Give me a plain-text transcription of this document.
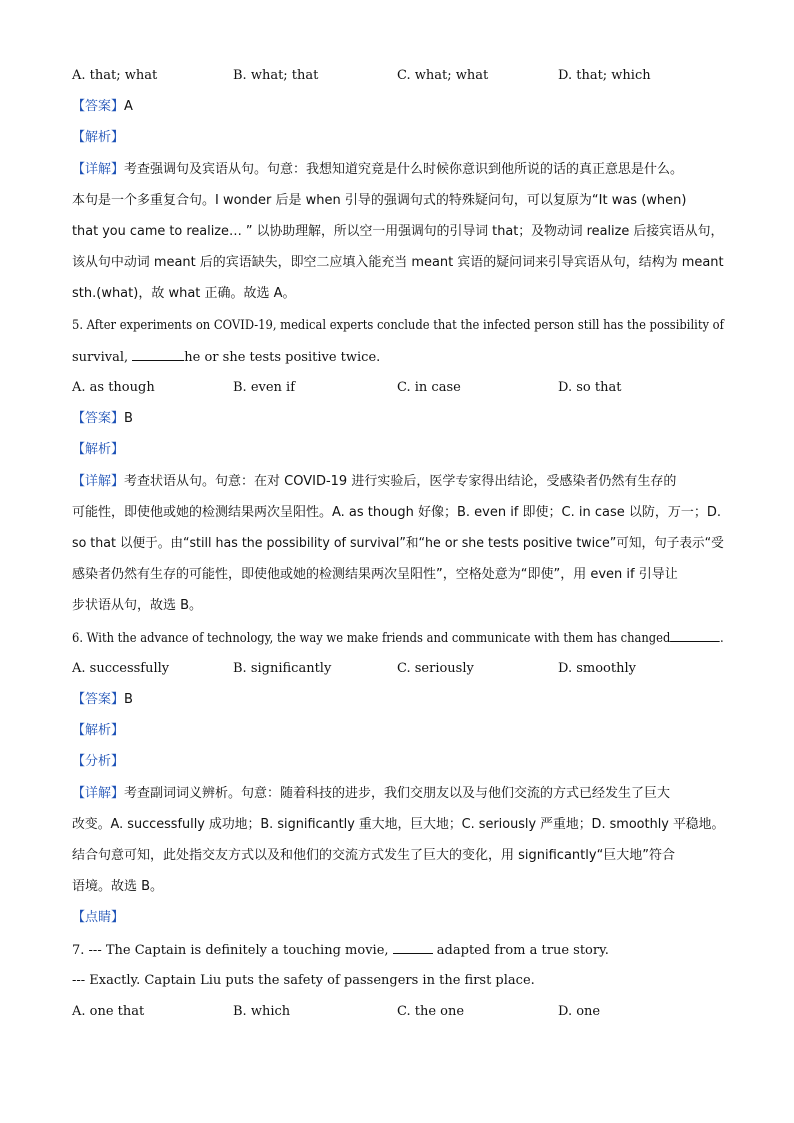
A. that; what	B. what; that	C. what; what	D. that; which
【答案】A
【解析】
【详解】考查强调句及宾语从句。句意：我想知道究竟是什么时候你意识到他所说的话的真正意思是什么。
本句是一个多重复合句。I wonder 后是 when 引导的强调句式的特殊疑问句，可以复原为“It was (when)
that you came to realize… ” 以协助理解，所以空一用强调句的引导词 that；及物动词 realize 后接宾语从句，
该从句中动词 meant 后的宾语缺失，即空二应填入能充当 meant 宾语的疑问词来引导宾语从句，结构为 meant
sth.(what)，故 what 正确。故选 A。
5. After experiments on COVID-19, medical experts conclude that the infected person still has the possibility of
survival,	he or she tests positive twice.
A. as though	B. even if	C. in case	D. so that
【答案】B
【解析】
【详解】考查状语从句。句意：在对 COVID-19 进行实验后，医学专家得出结论，受感染者仍然有生存的
可能性，即使他或她的检测结果两次呈阳性。A. as though 好像；B. even if 即使；C. in case 以防，万一；D.
so that 以便于。由“still has the possibility of survival”和“he or she tests positive twice”可知，句子表示“受
感染者仍然有生存的可能性，即使他或她的检测结果两次呈阳性”，空格处意为“即使”，用 even if 引导让
步状语从句，故选 B。
6. With the advance of technology, the way we make friends and communicate with them has changed	.
A. successfully	B. significantly	C. seriously	D. smoothly
【答案】B
【解析】
【分析】
【详解】考查副词词义辨析。句意：随着科技的进步，我们交朋友以及与他们交流的方式已经发生了巨大
改变。A. successfully 成功地；B. significantly 重大地，巨大地；C. seriously 严重地；D. smoothly 平稳地。
结合句意可知，此处指交友方式以及和他们的交流方式发生了巨大的变化，用 significantly“巨大地”符合
语境。故选 B。
【点睛】
7. --- The Captain is definitely a touching movie,	adapted from a true story.
--- Exactly. Captain Liu puts the safety of passengers in the first place.
A. one that	B. which	C. the one	D. one
